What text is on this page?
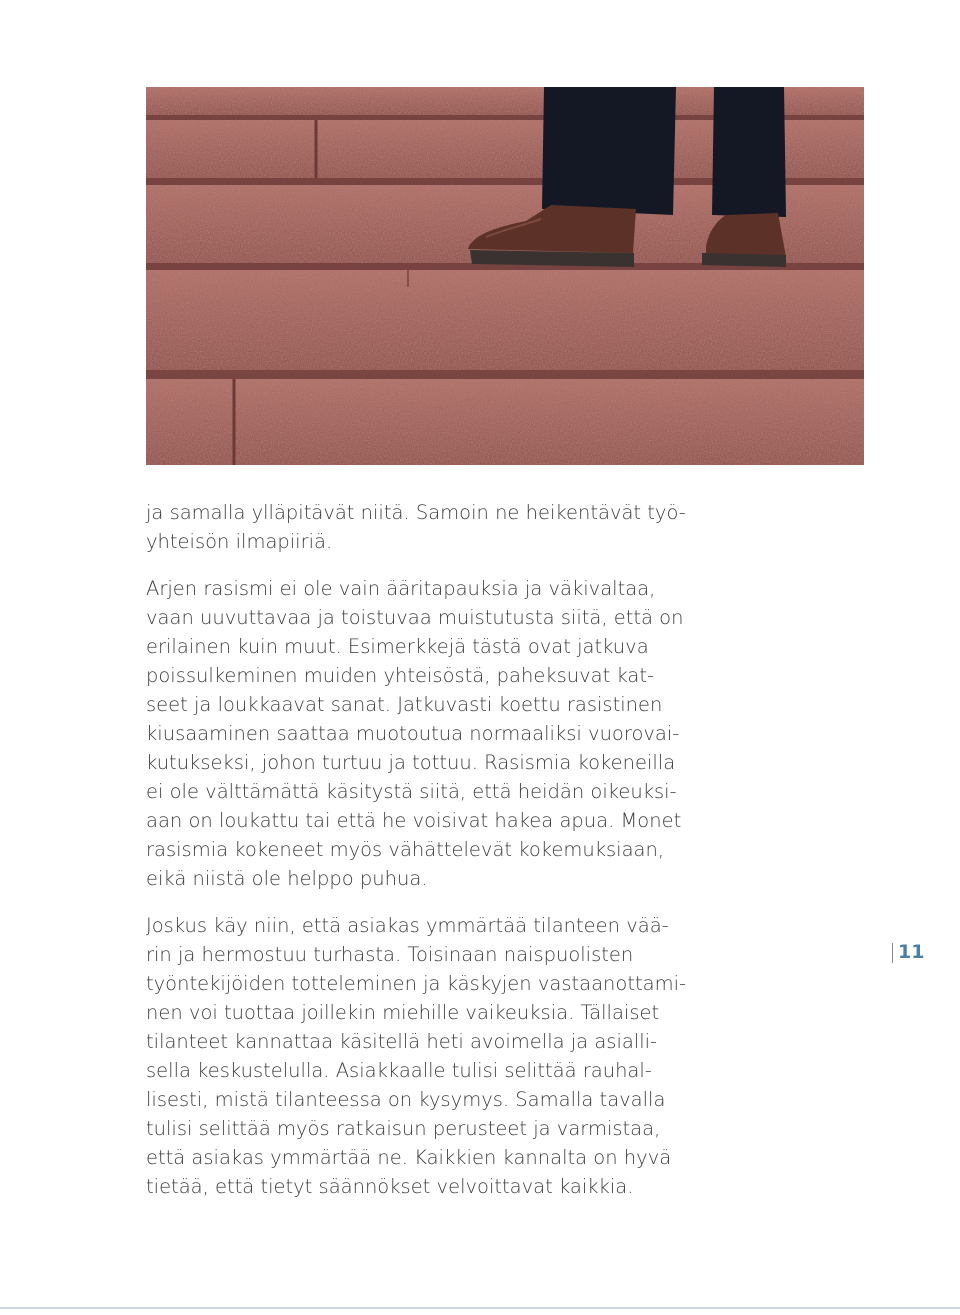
ja samalla ylläpitävät niitä. Samoin ne heikentävät työ-
yhteisön ilmapiiriä.
Arjen rasismi ei ole vain ääritapauksia ja väkivaltaa,
vaan uuvuttavaa ja toistuvaa muistutusta siitä, että on
erilainen kuin muut. Esimerkkejä tästä ovat jatkuva
poissulkeminen muiden yhteisöstä, paheksuvat kat-
seet ja loukkaavat sanat. Jatkuvasti koettu rasistinen
kiusaaminen saattaa muotoutua normaaliksi vuorovai-
kutukseksi, johon turtuu ja tottuu. Rasismia kokeneilla
ei ole välttämättä käsitystä siitä, että heidän oikeuksi-
aan on loukattu tai että he voisivat hakea apua. Monet
rasismia kokeneet myös vähättelevät kokemuksiaan,
eikä niistä ole helppo puhua.
Joskus käy niin, että asiakas ymmärtää tilanteen vää-
rin ja hermostuu turhasta. Toisinaan naispuolisten
työntekijöiden totteleminen ja käskyjen vastaanottami-
nen voi tuottaa joillekin miehille vaikeuksia. Tällaiset
tilanteet kannattaa käsitellä heti avoimella ja asialli-
sella keskustelulla. Asiakkaalle tulisi selittää rauhal-
lisesti, mistä tilanteessa on kysymys. Samalla tavalla
tulisi selittää myös ratkaisun perusteet ja varmistaa,
että asiakas ymmärtää ne. Kaikkien kannalta on hyvä
tietää, että tietyt säännökset velvoittavat kaikkia.
11
